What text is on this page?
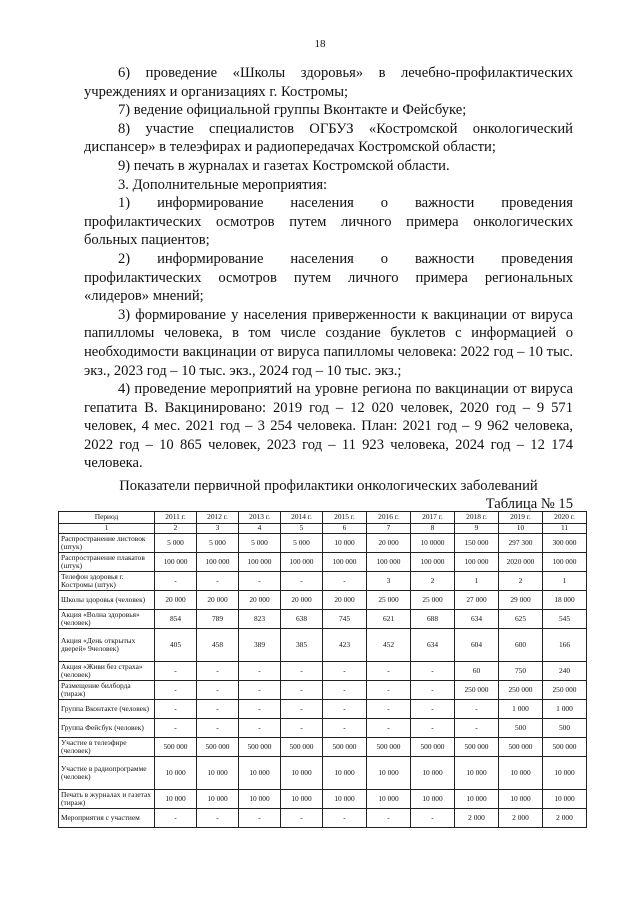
18

6) проведение «Школы здоровья» в лечебно-профилактических учреждениях и организациях г. Костромы;

7) ведение официальной группы Вконтакте и Фейсбуке;

8) участие специалистов ОГБУЗ «Костромской онкологический диспансер» в телеэфирах и радиопередачах Костромской области;

9) печать в журналах и газетах Костромской области.

3. Дополнительные мероприятия:

1) информирование населения о важности проведения профилактических осмотров путем личного примера онкологических больных пациентов;

2) информирование населения о важности проведения профилактических осмотров путем личного примера региональных «лидеров» мнений;

3) формирование у населения приверженности к вакцинации от вируса папилломы человека, в том числе создание буклетов с информацией о необходимости вакцинации от вируса папилломы человека: 2022 год – 10 тыс. экз., 2023 год – 10 тыс. экз., 2024 год – 10 тыс. экз.;

4) проведение мероприятий на уровне региона по вакцинации от вируса гепатита В. Вакцинировано: 2019 год – 12 020 человек, 2020 год – 9 571 человек, 4 мес. 2021 год – 3 254 человека. План: 2021 год – 9 962 человека, 2022 год – 10 865 человек, 2023 год – 11 923 человека, 2024 год – 12 174 человека.

Показатели первичной профилактики онкологических заболеваний
Таблица № 15
Период	2011 г.	2012 г.	2013 г.	2014 г.	2015 г.	2016 г.	2017 г.	2018 г.	2019 г.	2020 г.
1	2	3	4	5	6	7	8	9	10	11
Распространение листовок (штук)	5 000	5 000	5 000	5 000	10 000	20 000	10 0000	150 000	297 300	300 000
Распространение плакатов (штук)	100 000	100 000	100 000	100 000	100 000	100 000	100 000	100 000	2020 000	100 000
Телефон здоровья г. Костромы (штук)	-	-	-	-	-	3	2	1	2	1
Школы здоровья (человек)	20 000	20 000	20 000	20 000	20 000	25 000	25 000	27 000	29 000	18 000
Акция «Волна здоровья» (человек)	854	789	823	638	745	621	688	634	625	545
Акция «День открытых дверей» 9человек)	405	458	389	385	423	452	634	604	600	166
Акция «Живи без страха» (человек)	-	-	-	-	-	-	-	60	750	240
Размещение билборда (тираж)	-	-	-	-	-	-	-	250 000	250 000	250 000
Группа Вконтакте (человек)	-	-	-	-	-	-	-	-	1 000	1 000
Группа Фейсбук (человек)	-	-	-	-	-	-	-	-	500	500
Участие в телеэфире (человек)	500 000	500 000	500 000	500 000	500 000	500 000	500 000	500 000	500 000	500 000
Участие в радиопрограмме (человек)	10 000	10 000	10 000	10 000	10 000	10 000	10 000	10 000	10 000	10 000
Печать в журналах и газетах (тираж)	10 000	10 000	10 000	10 000	10 000	10 000	10 000	10 000	10 000	10 000
Мероприятия с участием	-	-	-	-	-	-	-	2 000	2 000	2 000
